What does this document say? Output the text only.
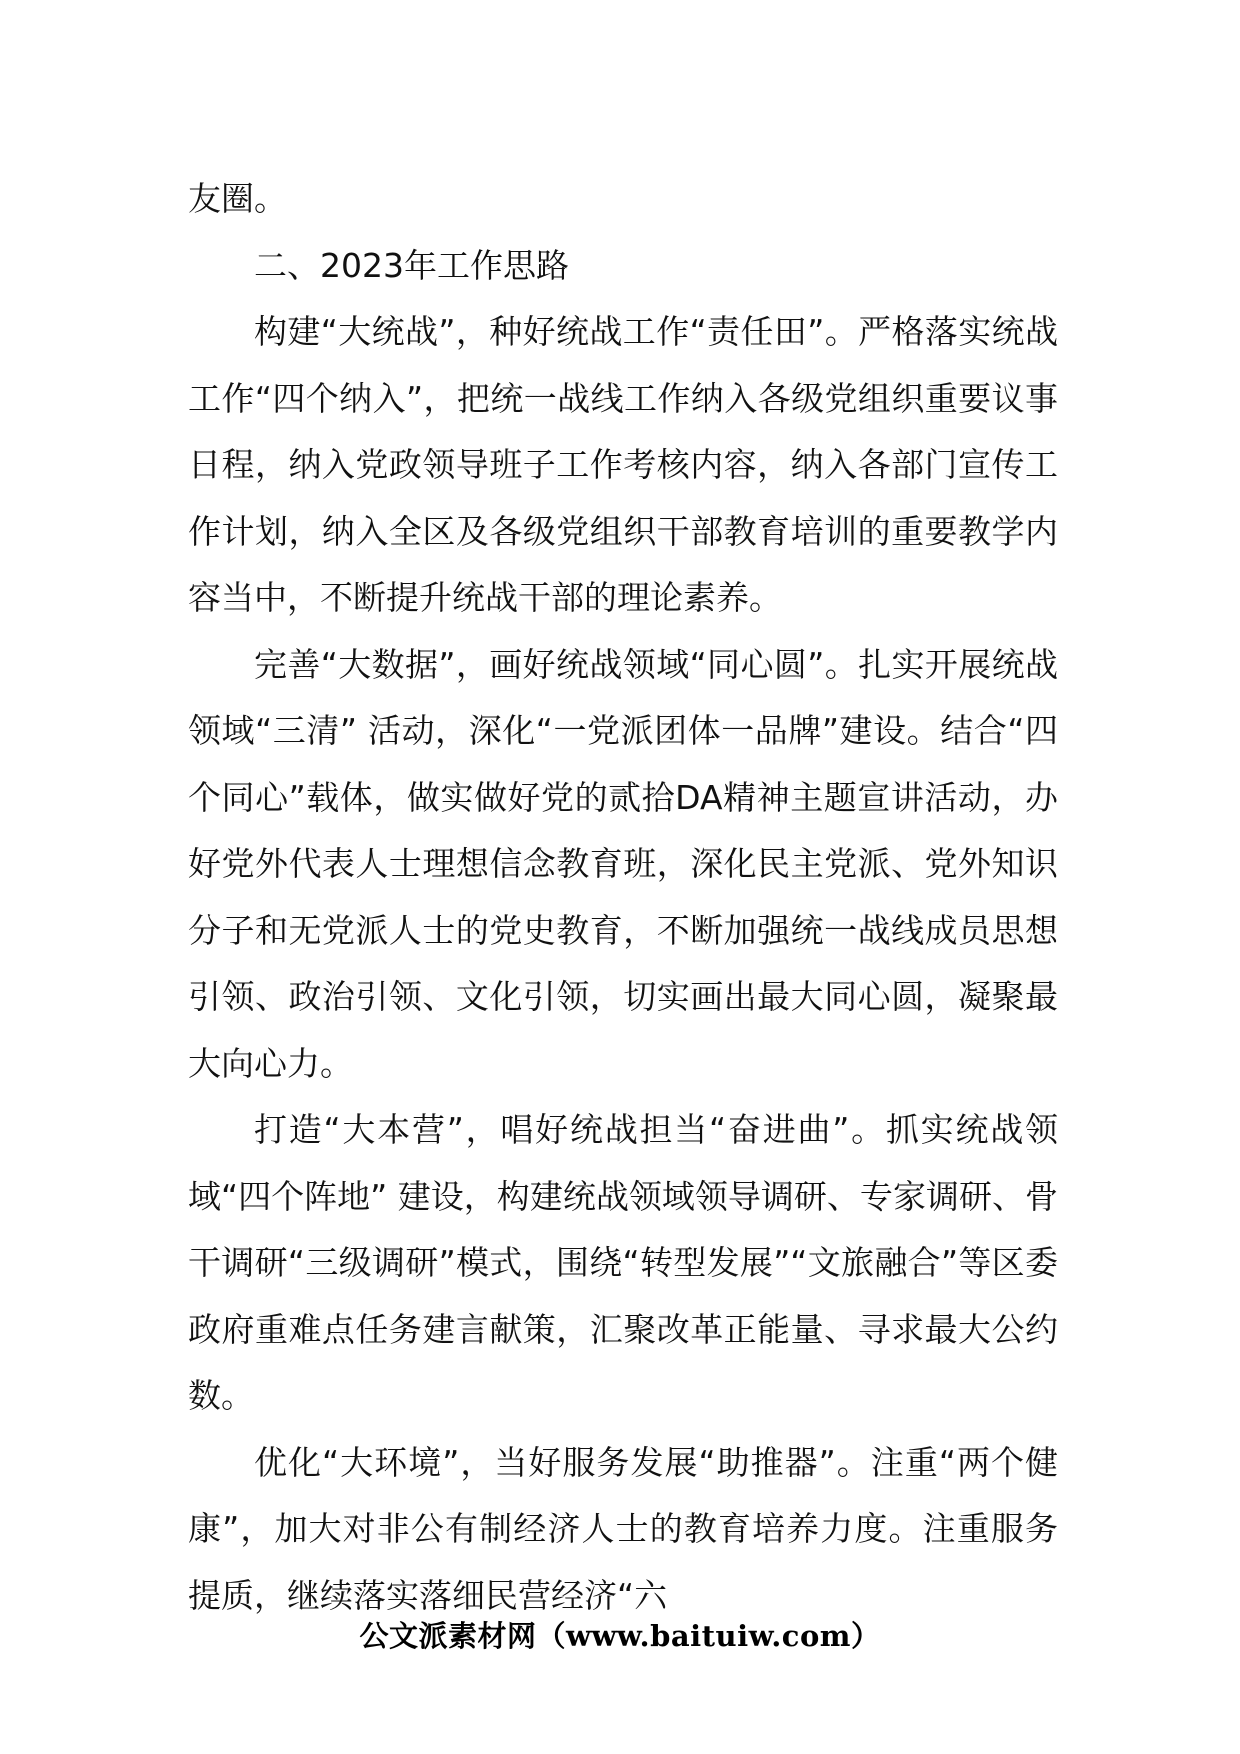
友圈。

二、2023年工作思路

构建“大统战”，种好统战工作“责任田”。严格落实统战工作“四个纳入”，把统一战线工作纳入各级党组织重要议事日程，纳入党政领导班子工作考核内容，纳入各部门宣传工作计划，纳入全区及各级党组织干部教育培训的重要教学内容当中，不断提升统战干部的理论素养。

完善“大数据”，画好统战领域“同心圆”。扎实开展统战领域“三清” 活动，深化“一党派团体一品牌”建设。结合“四个同心”载体，做实做好党的贰拾DA精神主题宣讲活动，办好党外代表人士理想信念教育班，深化民主党派、党外知识分子和无党派人士的党史教育，不断加强统一战线成员思想引领、政治引领、文化引领，切实画出最大同心圆，凝聚最大向心力。

打造“大本营”，唱好统战担当“奋进曲”。抓实统战领域“四个阵地” 建设，构建统战领域领导调研、专家调研、骨干调研“三级调研”模式，围绕“转型发展”“文旅融合”等区委政府重难点任务建言献策，汇聚改革正能量、寻求最大公约数。

优化“大环境”，当好服务发展“助推器”。注重“两个健康”，加大对非公有制经济人士的教育培养力度。注重服务提质，继续落实落细民营经济“六

公文派素材网（www.baituiw.com）
